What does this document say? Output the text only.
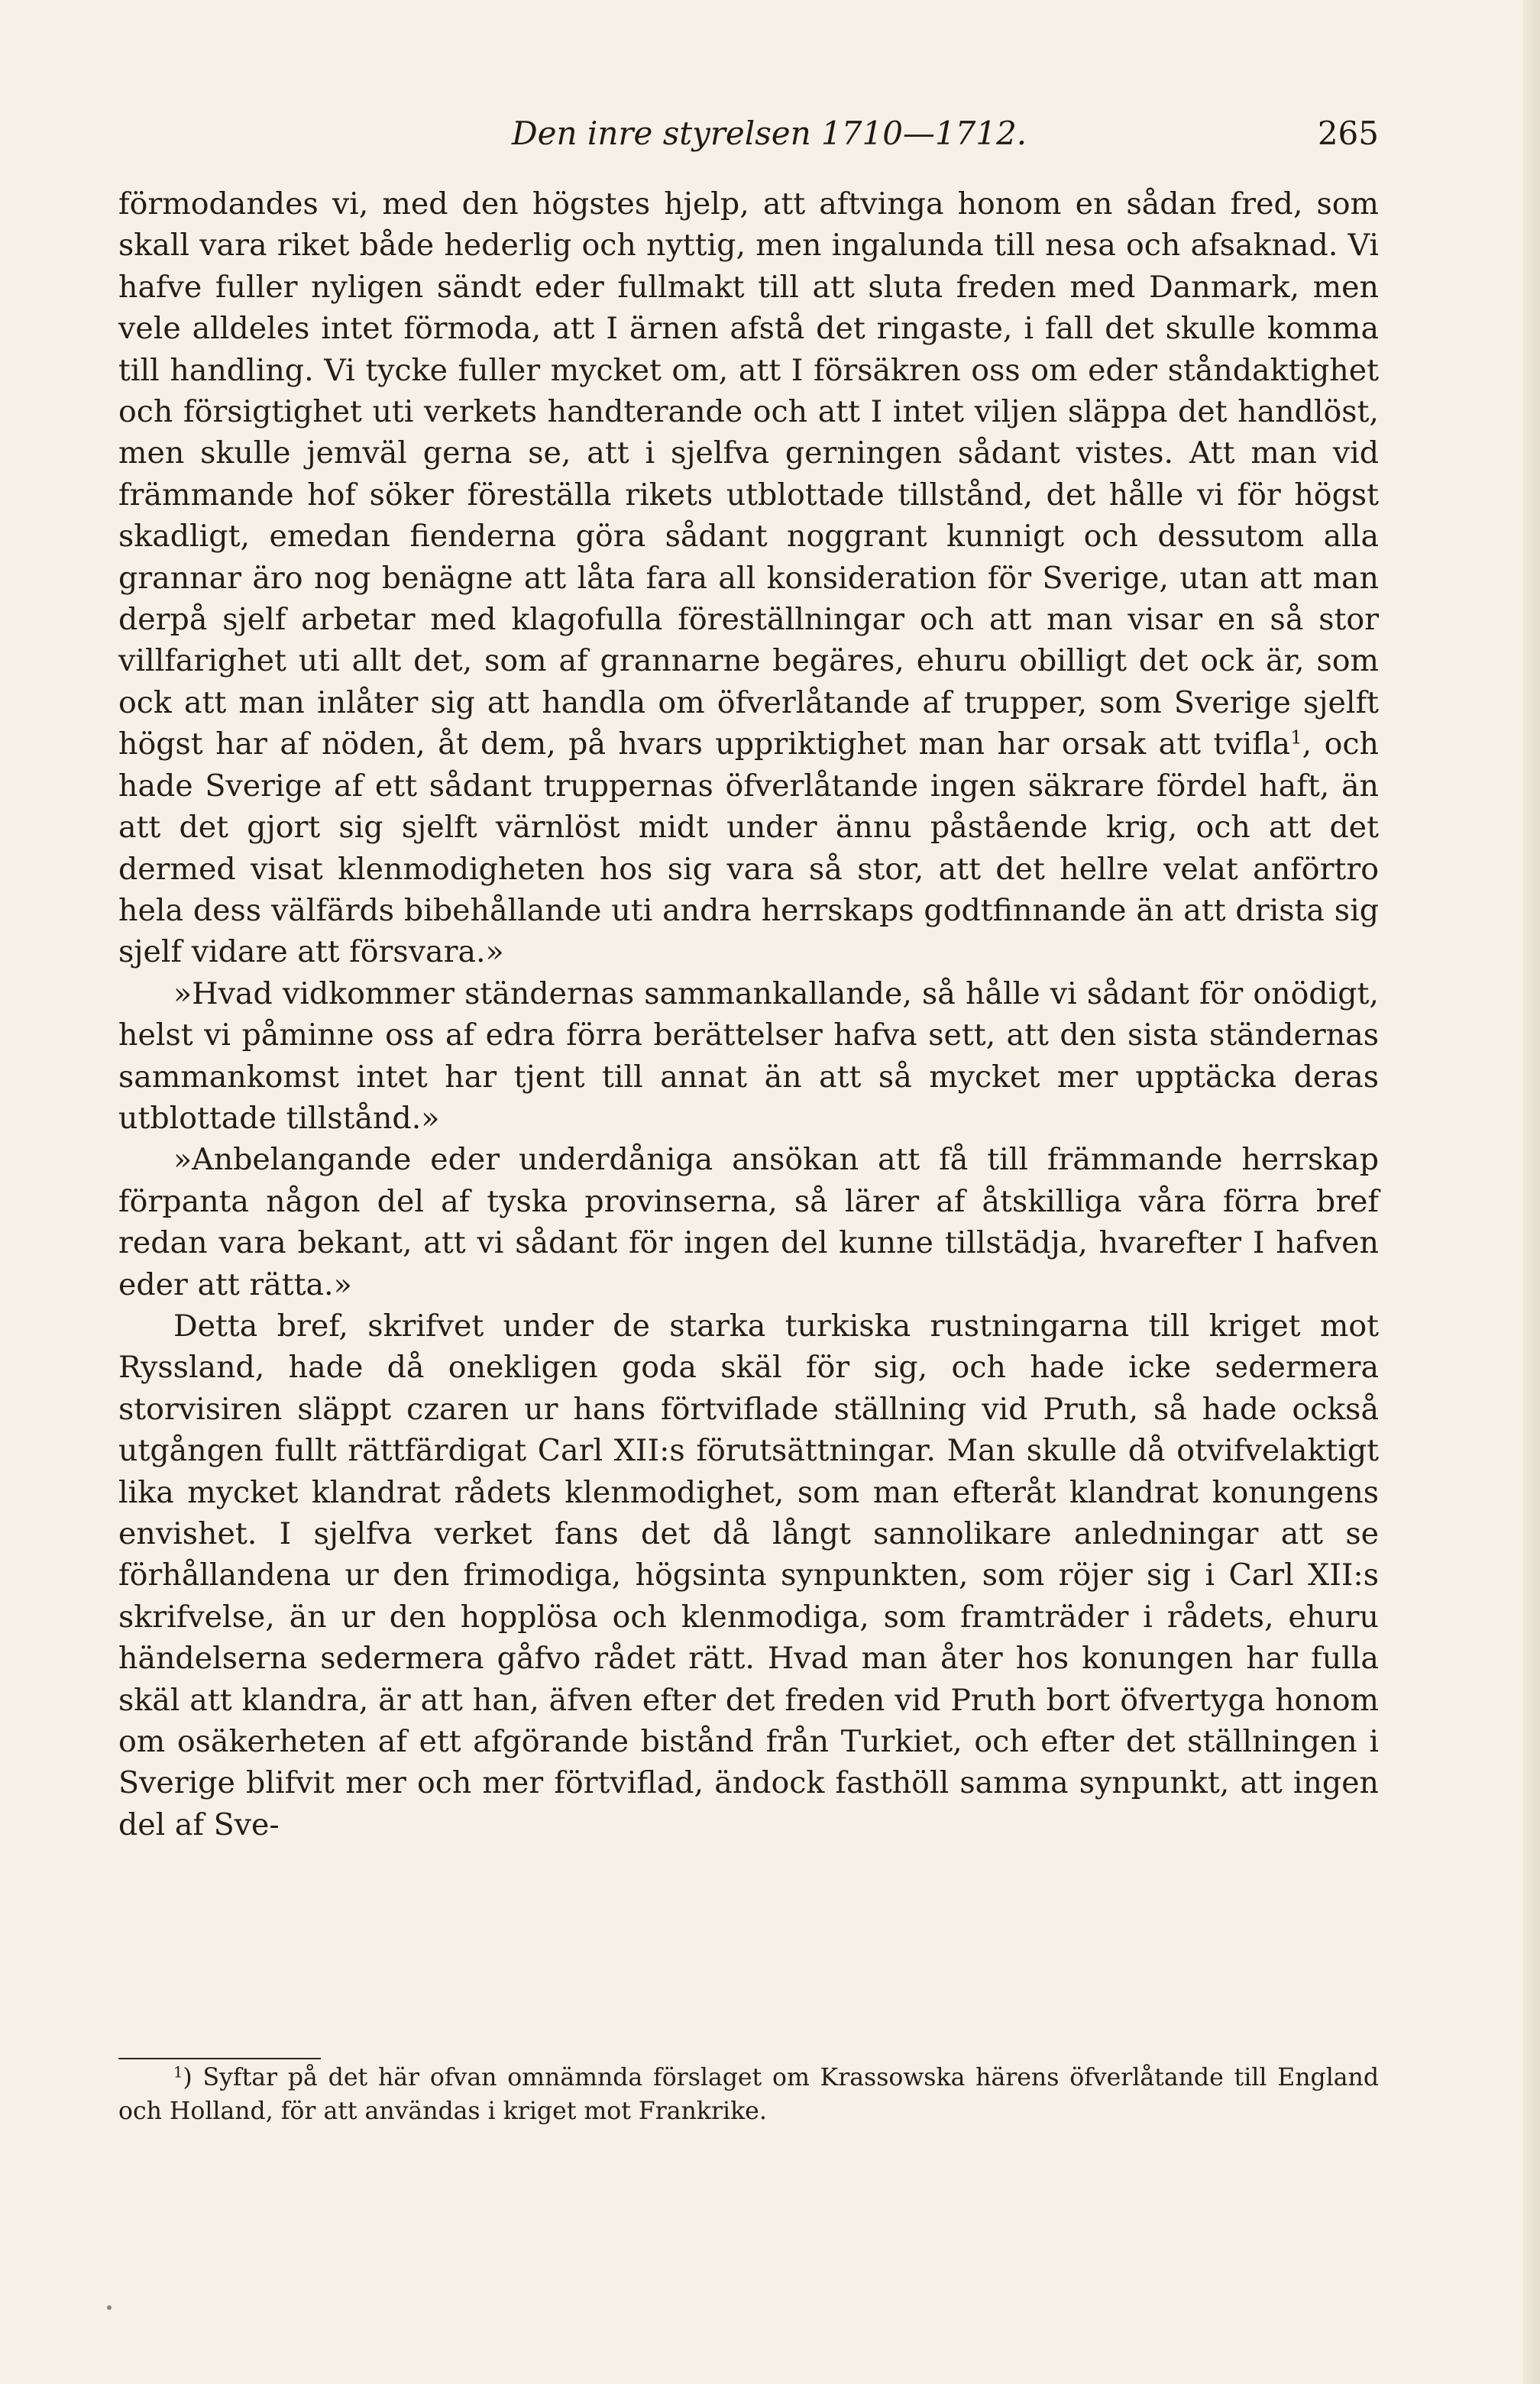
Den inre styrelsen 1710—1712.	265

förmodandes vi, med den högstes hjelp, att aftvinga honom en sådan fred, som skall vara riket både hederlig och nyttig, men ingalunda till nesa och afsaknad. Vi hafve fuller nyligen sändt eder fullmakt till att sluta freden med Danmark, men vele alldeles intet förmoda, att I ärnen afstå det ringaste, i fall det skulle komma till handling. Vi tycke fuller mycket om, att I försäkren oss om eder ståndaktighet och försigtighet uti verkets handterande och att I intet viljen släppa det handlöst, men skulle jemväl gerna se, att i sjelfva gerningen sådant vistes. Att man vid främmande hof söker föreställa rikets utblottade tillstånd, det hålle vi för högst skadligt, emedan fienderna göra sådant noggrant kunnigt och dessutom alla grannar äro nog benägne att låta fara all konsideration för Sverige, utan att man derpå sjelf arbetar med klagofulla föreställningar och att man visar en så stor villfarighet uti allt det, som af grannarne begäres, ehuru obilligt det ock är, som ock att man inlåter sig att handla om öfverlåtande af trupper, som Sverige sjelft högst har af nöden, åt dem, på hvars uppriktighet man har orsak att tvifla$^1$, och hade Sverige af ett sådant truppernas öfverlåtande ingen säkrare fördel haft, än att det gjort sig sjelft värnlöst midt under ännu påstående krig, och att det dermed visat klenmodigheten hos sig vara så stor, att det hellre velat anförtro hela dess välfärds bibehållande uti andra herrskaps godtfinnande än att drista sig sjelf vidare att försvara.»

»Hvad vidkommer ständernas sammankallande, så hålle vi sådant för onödigt, helst vi påminne oss af edra förra berättelser hafva sett, att den sista ständernas sammankomst intet har tjent till annat än att så mycket mer upptäcka deras utblottade tillstånd.»

»Anbelangande eder underdåniga ansökan att få till främmande herrskap förpanta någon del af tyska provinserna, så lärer af åtskilliga våra förra bref redan vara bekant, att vi sådant för ingen del kunne tillstädja, hvarefter I hafven eder att rätta.»

Detta bref, skrifvet under de starka turkiska rustningarna till kriget mot Ryssland, hade då onekligen goda skäl för sig, och hade icke sedermera storvisiren släppt czaren ur hans förtviflade ställning vid Pruth, så hade också utgången fullt rättfärdigat Carl XII:s förutsättningar. Man skulle då otvifvelaktigt lika mycket klandrat rådets klenmodighet, som man efteråt klandrat konungens envishet. I sjelfva verket fans det då långt sannolikare anledningar att se förhållandena ur den frimodiga, högsinta synpunkten, som röjer sig i Carl XII:s skrifvelse, än ur den hopplösa och klenmodiga, som framträder i rådets, ehuru händelserna sedermera gåfvo rådet rätt. Hvad man åter hos konungen har fulla skäl att klandra, är att han, äfven efter det freden vid Pruth bort öfvertyga honom om osäkerheten af ett afgörande bistånd från Turkiet, och efter det ställningen i Sverige blifvit mer och mer förtviflad, ändock fasthöll samma synpunkt, att ingen del af Sve-

$^1$) Syftar på det här ofvan omnämnda förslaget om Krassowska härens öfverlåtande till England och Holland, för att användas i kriget mot Frankrike.
